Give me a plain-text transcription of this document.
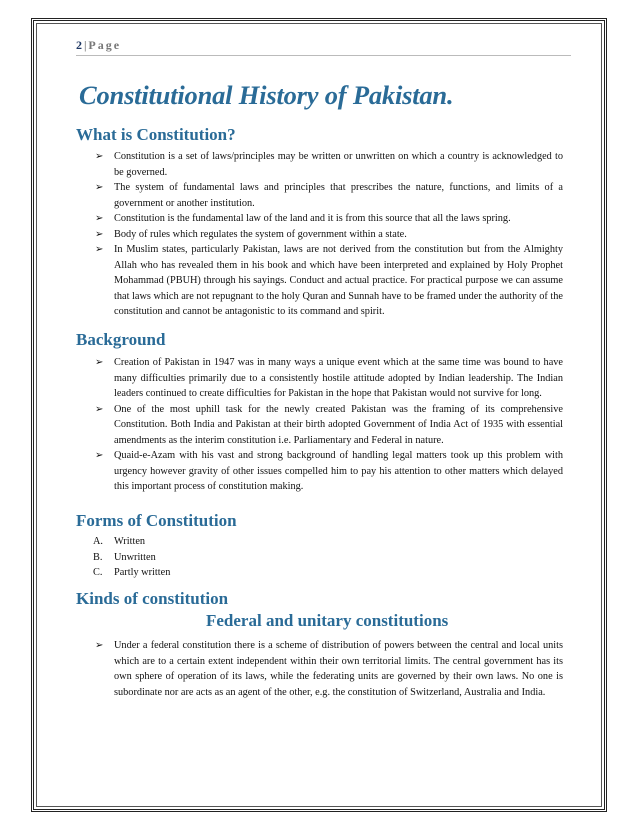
2 | Page
Constitutional History of Pakistan.
What is Constitution?
➢ Constitution is a set of laws/principles may be written or unwritten on which a country is acknowledged to be governed.
➢ The system of fundamental laws and principles that prescribes the nature, functions, and limits of a government or another institution.
➢ Constitution is the fundamental law of the land and it is from this source that all the laws spring.
➢ Body of rules which regulates the system of government within a state.
➢ In Muslim states, particularly Pakistan, laws are not derived from the constitution but from the Almighty Allah who has revealed them in his book and which have been interpreted and explained by Holy Prophet Mohammad (PBUH) through his sayings. Conduct and actual practice. For practical purpose we can assume that laws which are not repugnant to the holy Quran and Sunnah have to be framed under the authority of the constitution and cannot be antagonistic to its command and spirit.
Background
➢ Creation of Pakistan in 1947 was in many ways a unique event which at the same time was bound to have many difficulties primarily due to a consistently hostile attitude adopted by Indian leadership. The Indian leaders continued to create difficulties for Pakistan in the hope that Pakistan would not survive for long.
➢ One of the most uphill task for the newly created Pakistan was the framing of its comprehensive Constitution. Both India and Pakistan at their birth adopted Government of India Act of 1935 with essential amendments as the interim constitution i.e. Parliamentary and Federal in nature.
➢ Quaid-e-Azam with his vast and strong background of handling legal matters took up this problem with urgency however gravity of other issues compelled him to pay his attention to other matters which delayed this important process of constitution making.
Forms of Constitution
A. Written
B. Unwritten
C. Partly written
Kinds of constitution
Federal and unitary constitutions
➢ Under a federal constitution there is a scheme of distribution of powers between the central and local units which are to a certain extent independent within their own territorial limits. The central government has its own sphere of operation of its laws, while the federating units are governed by their own laws. No one is subordinate nor are acts as an agent of the other, e.g. the constitution of Switzerland, Australia and India.
